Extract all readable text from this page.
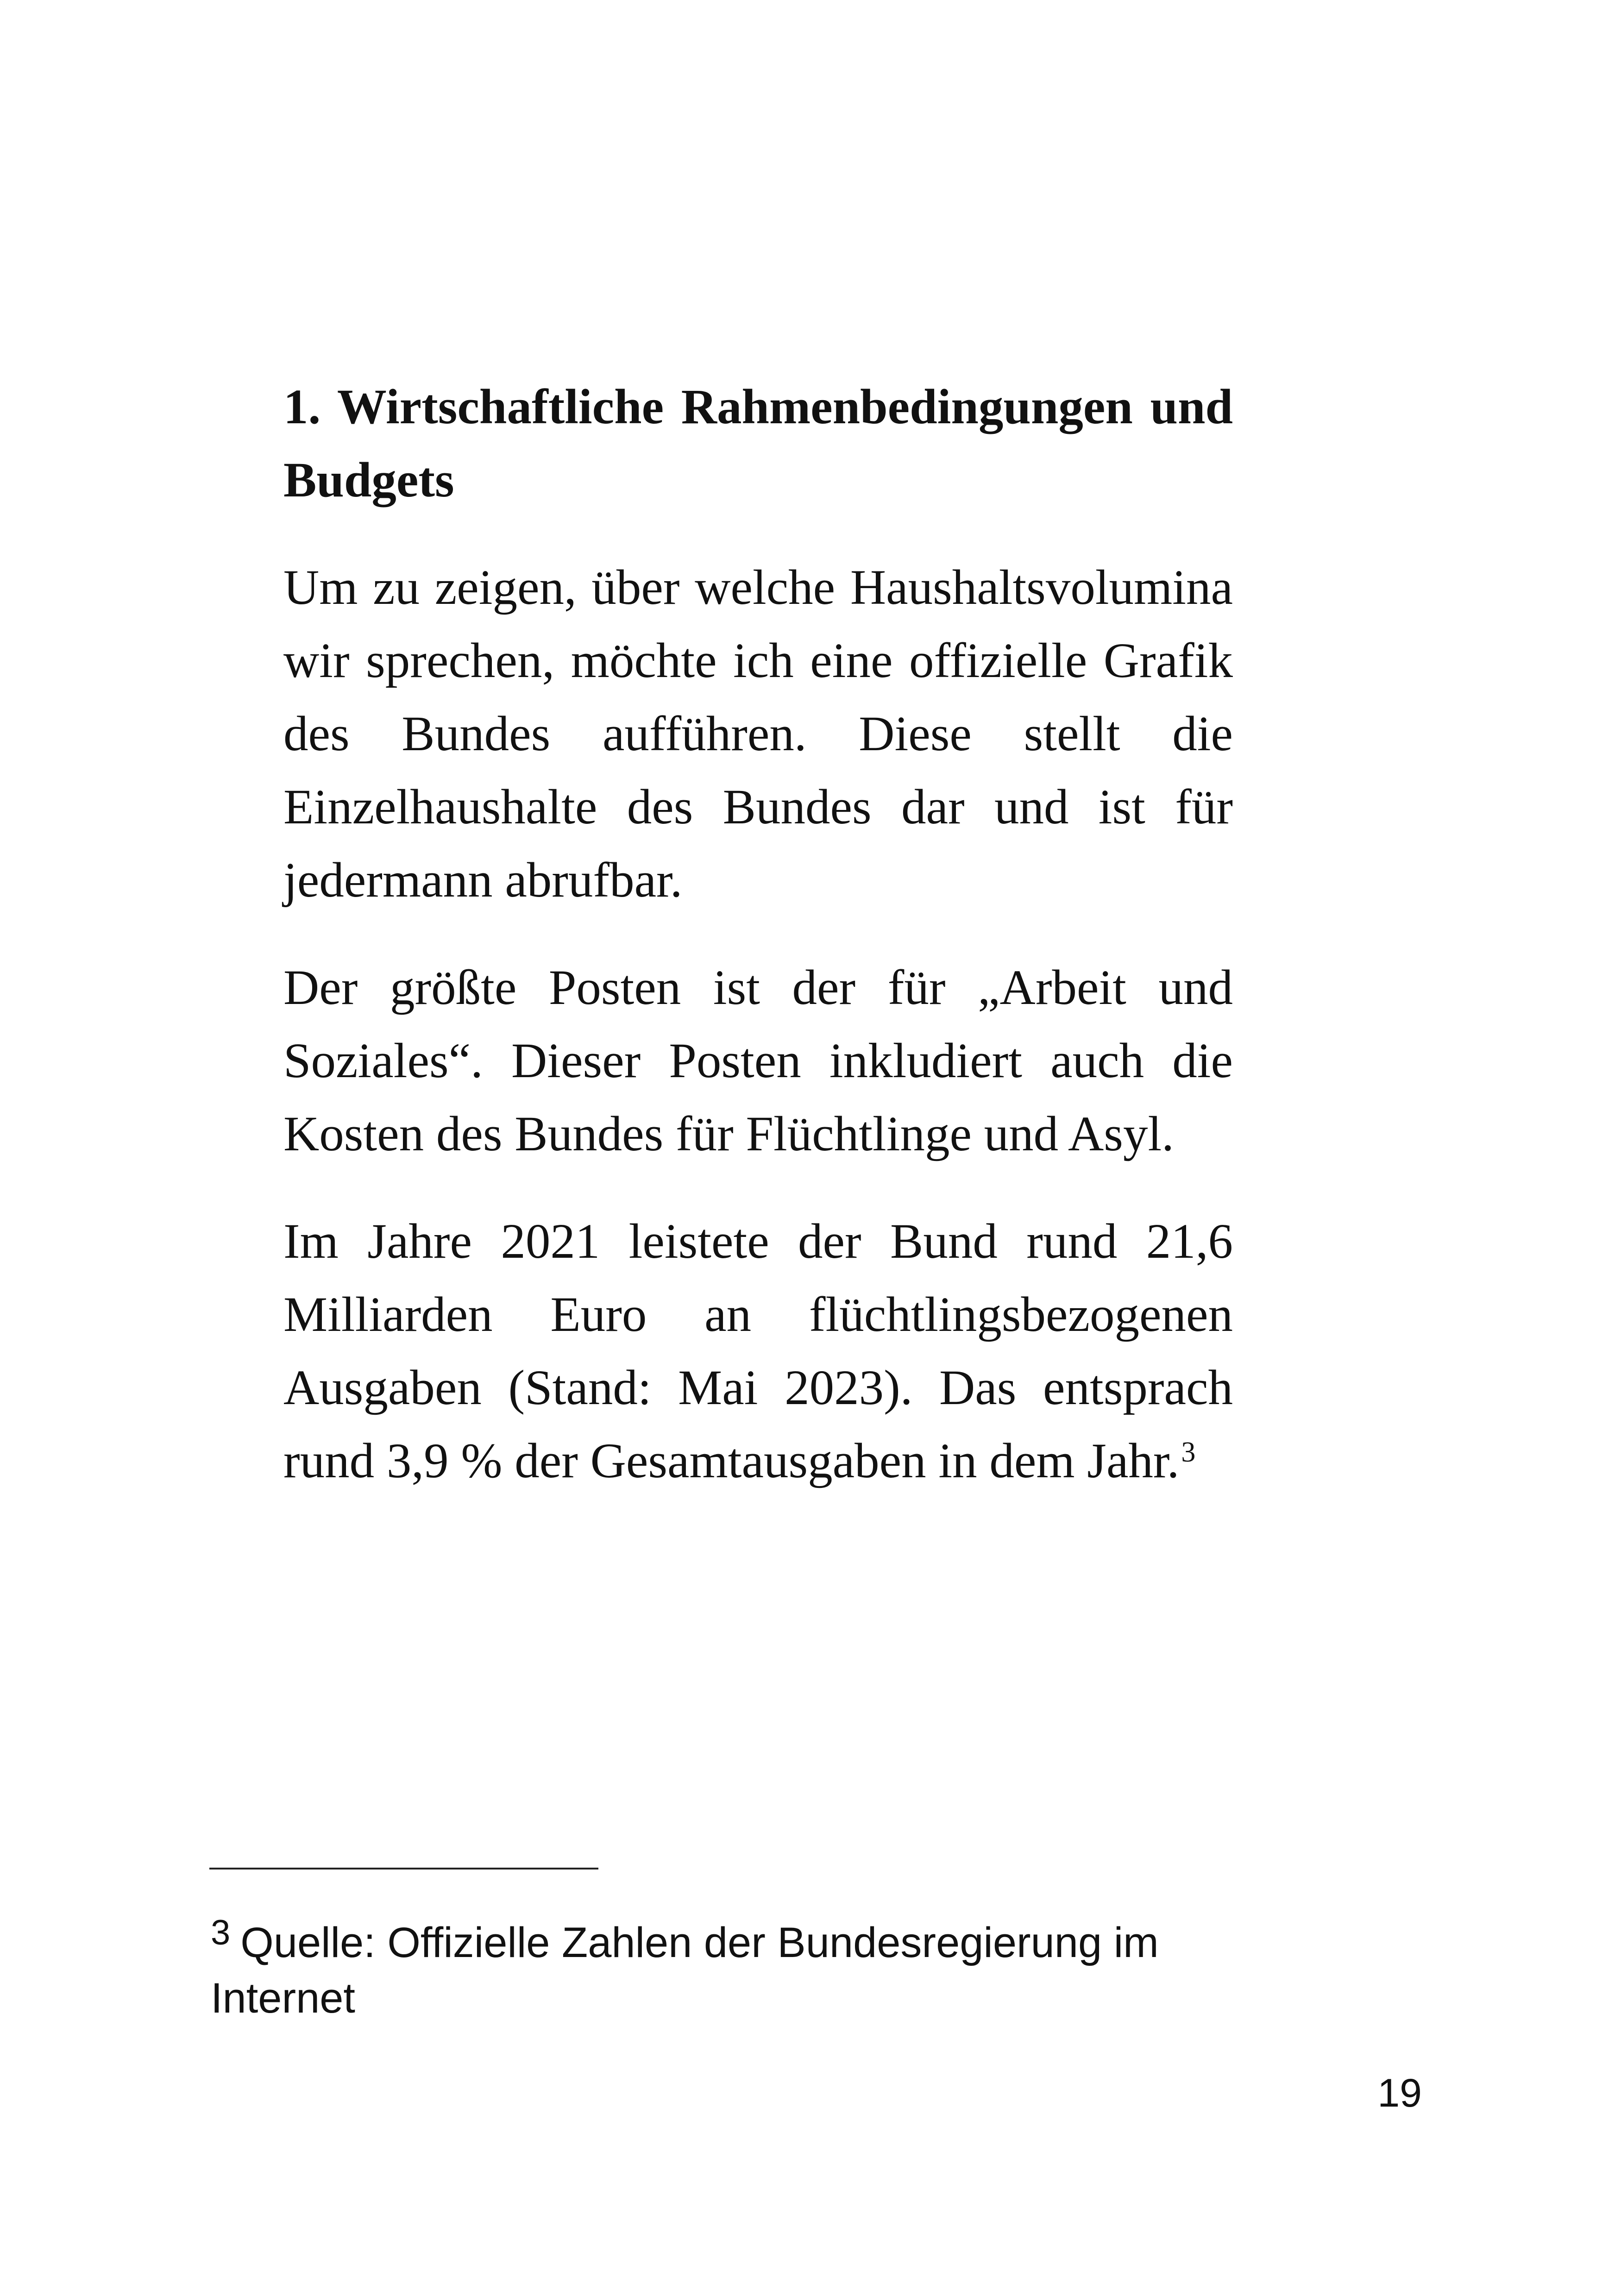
1. Wirtschaftliche Rahmenbedingungen und Budgets

Um zu zeigen, über welche Haushaltsvolumina wir sprechen, möchte ich eine offizielle Grafik des Bundes aufführen. Diese stellt die Einzelhaushalte des Bundes dar und ist für jedermann abrufbar.

Der größte Posten ist der für „Arbeit und Soziales“. Dieser Posten inkludiert auch die Kosten des Bundes für Flüchtlinge und Asyl.

Im Jahre 2021 leistete der Bund rund 21,6 Milliarden Euro an flüchtlingsbezogenen Ausgaben (Stand: Mai 2023). Das entsprach rund 3,9 % der Gesamtausgaben in dem Jahr.$^3$

$^3$ Quelle: Offizielle Zahlen der Bundesregierung im Internet
19
